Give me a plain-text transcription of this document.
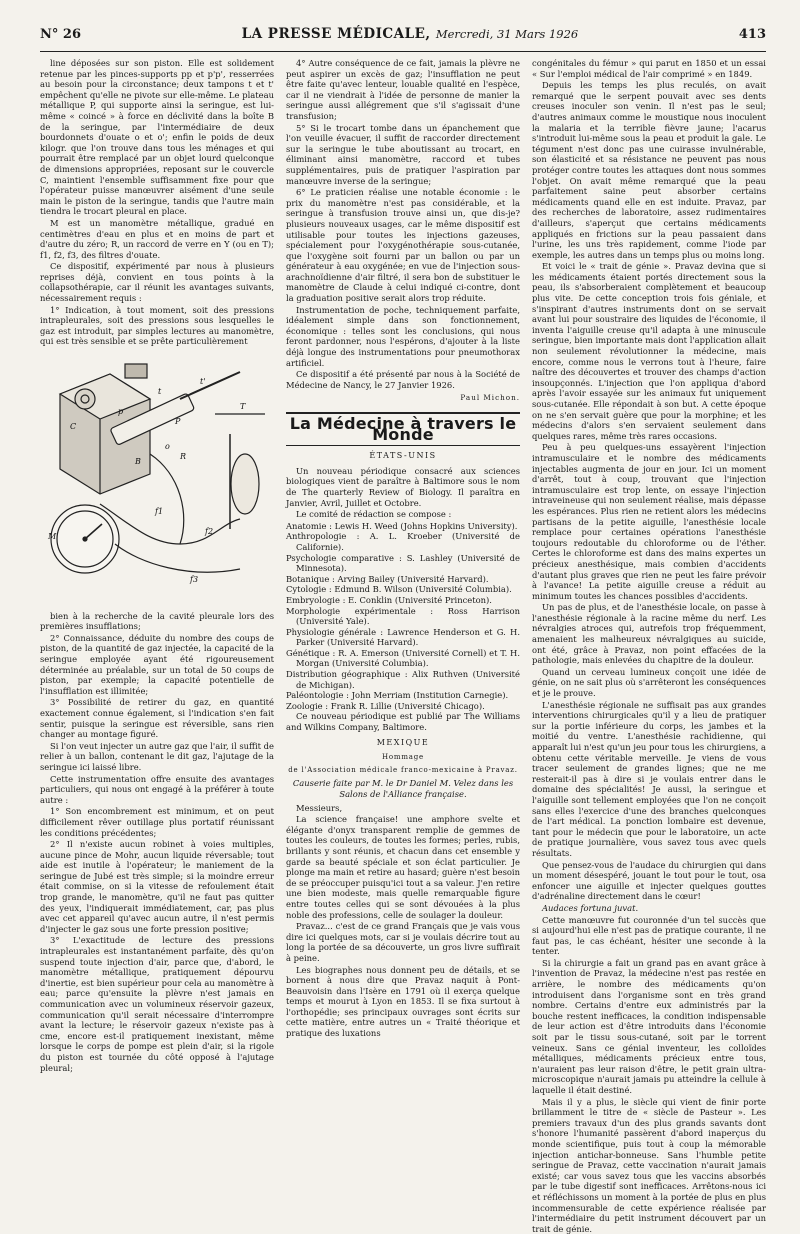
N° 26	LA PRESSE MÉDICALE, Mercredi, 31 Mars 1926	413

line déposées sur son piston. Elle est solidement retenue par les pinces-supports pp et p'p', resserrées au besoin pour la circonstance; deux tampons t et t' empêchent qu'elle ne pivote sur elle-même. Le plateau métallique P, qui supporte ainsi la seringue, est lui-même « coincé » à force en déclivité dans la boîte B de la seringue, par l'intermédiaire de deux bourdonnets d'ouate o et o'; enfin le poids de deux kilogr. que l'on trouve dans tous les ménages et qui pourrait être remplacé par un objet lourd quelconque de dimensions appropriées, reposant sur le couvercle C, maintient l'ensemble suffisamment fixe pour que l'opérateur puisse manœuvrer aisément d'une seule main le piston de la seringue, tandis que l'autre main tiendra le trocart pleural en place.

M est un manomètre métallique, gradué en centimètres d'eau en plus et en moins de part et d'autre du zéro; R, un raccord de verre en Y (ou en T); f1, f2, f3, des filtres d'ouate.

Ce dispositif, expérimenté par nous à plusieurs reprises déjà, convient en tous points à la collapsothérapie, car il réunit les avantages suivants, nécessairement requis :

1° Indication, à tout moment, soit des pressions intrapleurales, soit des pressions sous lesquelles le gaz est introduit, par simples lectures au manomètre, qui est très sensible et se prête particulièrement

C
B
P
M
R
T
f1
f2
f3
t
t'
p
o

bien à la recherche de la cavité pleurale lors des premières insufflations;

2° Connaissance, déduite du nombre des coups de piston, de la quantité de gaz injectée, la capacité de la seringue employée ayant été rigoureusement déterminée au préalable, sur un total de 50 coups de piston, par exemple; la capacité potentielle de l'insufflation est illimitée;

3° Possibilité de retirer du gaz, en quantité exactement connue également, si l'indication s'en fait sentir, puisque la seringue est réversible, sans rien changer au montage figuré.

Si l'on veut injecter un autre gaz que l'air, il suffit de relier à un ballon, contenant le dit gaz, l'ajutage de la seringue ici laissé libre.

Cette instrumentation offre ensuite des avantages particuliers, qui nous ont engagé à la préférer à toute autre :

1° Son encombrement est minimum, et on peut difficilement rêver outillage plus portatif réunissant les conditions précédentes;

2° Il n'existe aucun robinet à voies multiples, aucune pince de Mohr, aucun liquide réversable; tout aide est inutile à l'opérateur; le maniement de la seringue de Jubé est très simple; si la moindre erreur était commise, on si la vitesse de refoulement était trop grande, le manomètre, qu'il ne faut pas quitter des yeux, l'indiquerait immédiatement, car, pas plus avec cet appareil qu'avec aucun autre, il n'est permis d'injecter le gaz sous une forte pression positive;

3° L'exactitude de lecture des pressions intrapleurales est instantanément parfaite, dès qu'on suspend toute injection d'air, parce que, d'abord, le manomètre métallique, pratiquement dépourvu d'inertie, est bien supérieur pour cela au manomètre à eau; parce qu'ensuite la plèvre n'est jamais en communication avec un volumineux réservoir gazeux, communication qu'il serait nécessaire d'interrompre avant la lecture; le réservoir gazeux n'existe pas à cme, encore est-il pratiquement inexistant, même lorsque le corps de pompe est plein d'air, si la rigole du piston est tournée du côté opposé à l'ajutage pleural;

4° Autre conséquence de ce fait, jamais la plèvre ne peut aspirer un excès de gaz; l'insufflation ne peut être faite qu'avec lenteur, louable qualité en l'espèce, car il ne viendrait à l'idée de personne de manier la seringue aussi allégrement que s'il s'agissait d'une transfusion;

5° Si le trocart tombe dans un épanchement que l'on veuille évacuer, il suffit de raccorder directement sur la seringue le tube aboutissant au trocart, en éliminant ainsi manomètre, raccord et tubes supplémentaires, puis de pratiquer l'aspiration par manœuvre inverse de la seringue;

6° Le praticien réalise une notable économie : le prix du manomètre n'est pas considérable, et la seringue à transfusion trouve ainsi un, que dis-je? plusieurs nouveaux usages, car le même dispositif est utilisable pour toutes les injections gazeuses, spécialement pour l'oxygénothérapie sous-cutanée, que l'oxygène soit fourni par un ballon ou par un générateur à eau oxygénée; en vue de l'injection sous-arachnoïdienne d'air filtré, il sera bon de substituer le manomètre de Claude à celui indiqué ci-contre, dont la graduation positive serait alors trop réduite.

Instrumentation de poche, techniquement parfaite, idéalement simple dans son fonctionnement, économique : telles sont les conclusions, qui nous feront pardonner, nous l'espérons, d'ajouter à la liste déjà longue des instrumentations pour pneumothorax artificiel.

Ce dispositif a été présenté par nous à la Société de Médecine de Nancy, le 27 Janvier 1926.

Paul Michon.
La Médecine à travers le Monde
ÉTATS-UNIS

Un nouveau périodique consacré aux sciences biologiques vient de paraître à Baltimore sous le nom de The quarterly Review of Biology. Il paraîtra en Janvier, Avril, Juillet et Octobre.

Le comité de rédaction se compose :

Anatomie : Lewis H. Weed (Johns Hopkins University).
Anthropologie : A. L. Kroeber (Université de Californie).
Psychologie comparative : S. Lashley (Université de Minnesota).
Botanique : Arving Bailey (Université Harvard).
Cytologie : Edmund B. Wilson (Université Columbia).
Embryologie : E. Conklin (Université Princeton).
Morphologie expérimentale : Ross Harrison (Université Yale).
Physiologie générale : Lawrence Henderson et G. H. Parker (Université Harvard).
Génétique : R. A. Emerson (Université Cornell) et T. H. Morgan (Université Columbia).
Distribution géographique : Alix Ruthven (Université de Michigan).
Paléontologie : John Merriam (Institution Carnegie).
Zoologie : Frank R. Lillie (Université Chicago).

Ce nouveau périodique est publié par The Williams and Wilkins Company, Baltimore.

MEXIQUE
Hommage
de l'Association médicale franco-mexicaine à Pravaz.
Causerie faite par M. le Dr Daniel M. Velez dans les Salons de l'Alliance française.

Messieurs,

La science française! une amphore svelte et élégante d'onyx transparent remplie de gemmes de toutes les couleurs, de toutes les formes; perles, rubis, brillants y sont réunis, et chacun dans cet ensemble y garde sa beauté spéciale et son éclat particulier. Je plonge ma main et retire au hasard; guère n'est besoin de se préoccuper puisqu'ici tout a sa valeur. J'en retire une bien modeste, mais quelle remarquable figure entre toutes celles qui se sont dévouées à la plus noble des professions, celle de soulager la douleur.

Pravaz... c'est de ce grand Français que je vais vous dire ici quelques mots, car si je voulais décrire tout au long la portée de sa découverte, un gros livre suffirait à peine.

Les biographes nous donnent peu de détails, et se bornent à nous dire que Pravaz naquit à Pont-Beauvoisin dans l'Isère en 1791 où il exerça quelque temps et mourut à Lyon en 1853. Il se fixa surtout à l'orthopédie; ses principaux ouvrages sont écrits sur cette matière, entre autres un « Traité théorique et pratique des luxations

congénitales du fémur » qui parut en 1850 et un essai « Sur l'emploi médical de l'air comprimé » en 1849.

Depuis les temps les plus reculés, on avait remarqué que le serpent pouvait avec ses dents creuses inoculer son venin. Il n'est pas le seul; d'autres animaux comme le moustique nous inoculent la malaria et la terrible fièvre jaune; l'acarus s'introduit lui-même sous la peau et produit la gale. Le tégument n'est donc pas une cuirasse invulnérable, son élasticité et sa résistance ne peuvent pas nous protéger contre toutes les attaques dont nous sommes l'objet. On avait même remarqué que la peau parfaitement saine peut absorber certains médicaments quand elle en est induite. Pravaz, par des recherches de laboratoire, assez rudimentaires d'ailleurs, s'aperçut que certains médicaments appliqués en frictions sur la peau passaient dans l'urine, les uns très rapidement, comme l'iode par exemple, les autres dans un temps plus ou moins long.

Et voici le « trait de génie ». Pravaz devina que si les médicaments étaient portés directement sous la peau, ils s'absorberaient complètement et beaucoup plus vite. De cette conception trois fois géniale, et s'inspirant d'autres instruments dont on se servait avant lui pour soustraire des liquides de l'économie, il inventa l'aiguille creuse qu'il adapta à une minuscule seringue, bien importante mais dont l'application allait non seulement révolutionner la médecine, mais encore, comme nous le verrons tout à l'heure, faire naître des découvertes et trouver des champs d'action insoupçonnés. L'injection que l'on appliqua d'abord après l'avoir essayée sur les animaux fut uniquement sous-cutanée. Elle répondait à son but. A cette époque on ne s'en servait guère que pour la morphine; et les médecins d'alors s'en servaient seulement dans quelques rares, même très rares occasions.

Peu à peu quelques-uns essayèrent l'injection intramusculaire et le nombre des médicaments injectables augmenta de jour en jour. Ici un moment d'arrêt, tout à coup, trouvant que l'injection intramusculaire est trop lente, on essaye l'injection intraveineuse qui non seulement réalise, mais dépasse les espérances. Plus rien ne retient alors les médecins partisans de la petite aiguille, l'anesthésie locale remplace pour certaines opérations l'anesthésie toujours redoutable du chloroforme ou de l'éther. Certes le chloroforme est dans des mains expertes un précieux anesthésique, mais combien d'accidents d'autant plus graves que rien ne peut les faire prévoir à l'avance! La petite aiguille creuse a réduit au minimum toutes les chances possibles d'accidents.

Un pas de plus, et de l'anesthésie locale, on passe à l'anesthésie régionale à la racine même du nerf. Les névralgies atroces qui, autrefois trop fréquemment, amenaient les malheureux névralgiques au suicide, ont été, grâce à Pravaz, non point effacées de la pathologie, mais enlevées du chapitre de la douleur.

Quand un cerveau lumineux conçoit une idée de génie, on ne sait plus où s'arrêteront les conséquences et je le prouve.

L'anesthésie régionale ne suffisait pas aux grandes interventions chirurgicales qu'il y a lieu de pratiquer sur la portie inférieure du corps, les jambes et la moitié du ventre. L'anesthésie rachidienne, qui apparaît lui n'est qu'un jeu pour tous les chirurgiens, a obtenu cette véritable merveille. Je viens de vous tracer seulement de grandes lignes; que ne me resterait-il pas à dire si je voulais entrer dans le domaine des spécialités! Je aussi, la seringue et l'aiguille sont tellement employées que l'on ne conçoit sans elles l'exercice d'une des branches quelconques de l'art médical. La ponction lombaire est devenue, tant pour le médecin que pour le laboratoire, un acte de pratique journalière, vous savez tous avec quels résultats.

Que pensez-vous de l'audace du chirurgien qui dans un moment désespéré, jouant le tout pour le tout, osa enfoncer une aiguille et injecter quelques gouttes d'adrénaline directement dans le cœur!

Audaces fortuna juvat.

Cette manœuvre fut couronnée d'un tel succès que si aujourd'hui elle n'est pas de pratique courante, il ne faut pas, le cas échéant, hésiter une seconde à la tenter.

Si la chirurgie a fait un grand pas en avant grâce à l'invention de Pravaz, la médecine n'est pas restée en arrière, le nombre des médicaments qu'on introduisent dans l'organisme sont en très grand nombre. Certains d'entre eux administrés par la bouche restent inefficaces, la condition indispensable de leur action est d'être introduits dans l'économie soit par le tissu sous-cutané, soit par le torrent veineux. Sans ce génial inventeur, les colloïdes métalliques, médicaments précieux entre tous, n'auraient pas leur raison d'être, le petit grain ultra-microscopique n'aurait jamais pu atteindre la cellule à laquelle il était destiné.

Mais il y a plus, le siècle qui vient de finir porte brillamment le titre de « siècle de Pasteur ». Les premiers travaux d'un des plus grands savants dont s'honore l'humanité passèrent d'abord inaperçus du monde scientifique, puis tout à coup la mémorable injection antichar-bonneuse. Sans l'humble petite seringue de Pravaz, cette vaccination n'aurait jamais existé; car vous savez tous que les vaccins absorbés par le tube digestif sont inefficaces. Arrêtons-nous ici et réfléchissons un moment à la portée de plus en plus incommensurable de cette expérience réalisée par l'intermédiaire du petit instrument découvert par un trait de génie.
